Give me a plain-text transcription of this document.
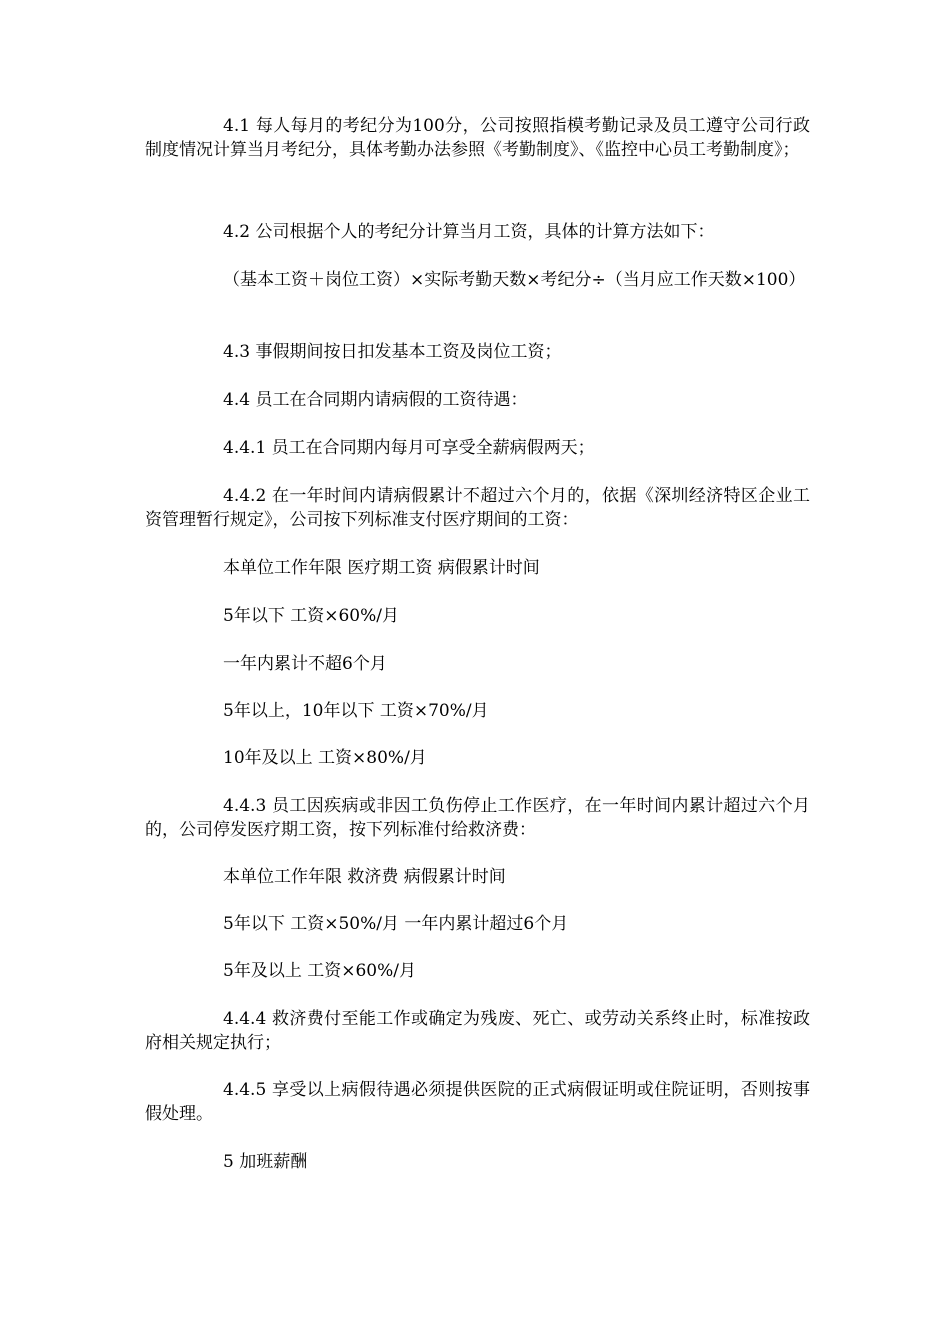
4.1 每人每月的考纪分为100分，公司按照指模考勤记录及员工遵守公司行政制度情况计算当月考纪分，具体考勤办法参照《考勤制度》、《监控中心员工考勤制度》；

4.2 公司根据个人的考纪分计算当月工资，具体的计算方法如下：

（基本工资＋岗位工资）×实际考勤天数×考纪分÷（当月应工作天数×100）

4.3 事假期间按日扣发基本工资及岗位工资；

4.4 员工在合同期内请病假的工资待遇：

4.4.1 员工在合同期内每月可享受全薪病假两天；

4.4.2 在一年时间内请病假累计不超过六个月的，依据《深圳经济特区企业工资管理暂行规定》，公司按下列标准支付医疗期间的工资：

本单位工作年限 医疗期工资 病假累计时间

5年以下 工资×60%/月

一年内累计不超6个月

5年以上，10年以下 工资×70%/月

10年及以上 工资×80%/月

4.4.3 员工因疾病或非因工负伤停止工作医疗，在一年时间内累计超过六个月的，公司停发医疗期工资，按下列标准付给救济费：

本单位工作年限 救济费 病假累计时间

5年以下 工资×50%/月 一年内累计超过6个月

5年及以上 工资×60%/月

4.4.4 救济费付至能工作或确定为残废、死亡、或劳动关系终止时，标准按政府相关规定执行；

4.4.5 享受以上病假待遇必须提供医院的正式病假证明或住院证明，否则按事假处理。

5 加班薪酬
